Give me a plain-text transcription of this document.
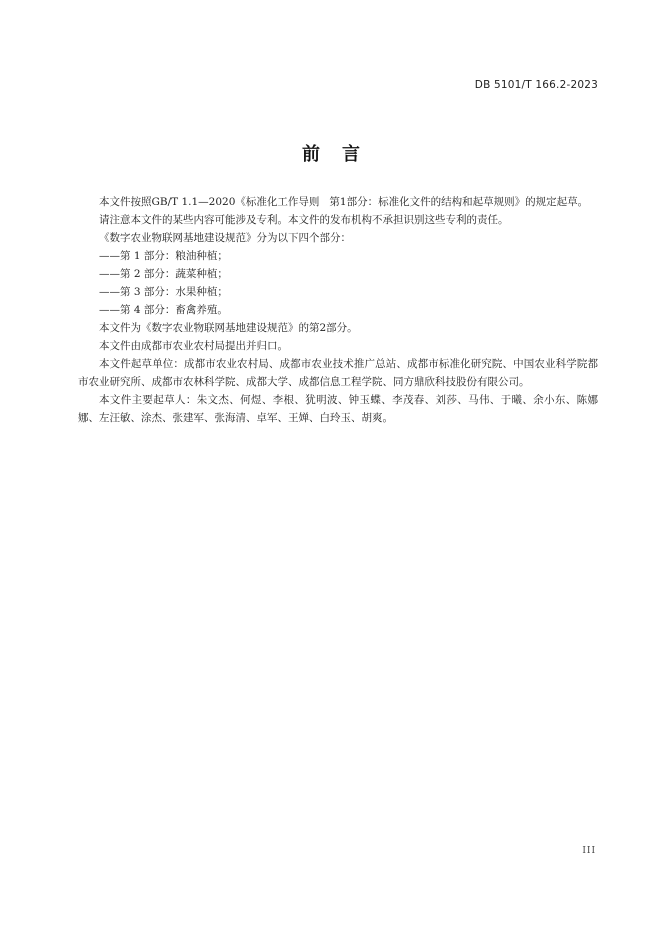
DB 5101/T 166.2-2023
前言

本文件按照GB/T 1.1—2020《标准化工作导则 第1部分：标准化文件的结构和起草规则》的规定起草。

请注意本文件的某些内容可能涉及专利。本文件的发布机构不承担识别这些专利的责任。

《数字农业物联网基地建设规范》分为以下四个部分：

——第 1 部分：粮油种植；

——第 2 部分：蔬菜种植；

——第 3 部分：水果种植；

——第 4 部分：畜禽养殖。

本文件为《数字农业物联网基地建设规范》的第2部分。

本文件由成都市农业农村局提出并归口。

本文件起草单位：成都市农业农村局、成都市农业技术推广总站、成都市标准化研究院、中国农业科学院都市农业研究所、成都市农林科学院、成都大学、成都信息工程学院、同方鼎欣科技股份有限公司。

本文件主要起草人：朱文杰、何煜、李根、犹明波、钟玉蝶、李茂春、刘莎、马伟、于曦、余小东、陈娜娜、左汪敏、涂杰、张建军、张海清、卓军、王婵、白玲玉、胡爽。

III
